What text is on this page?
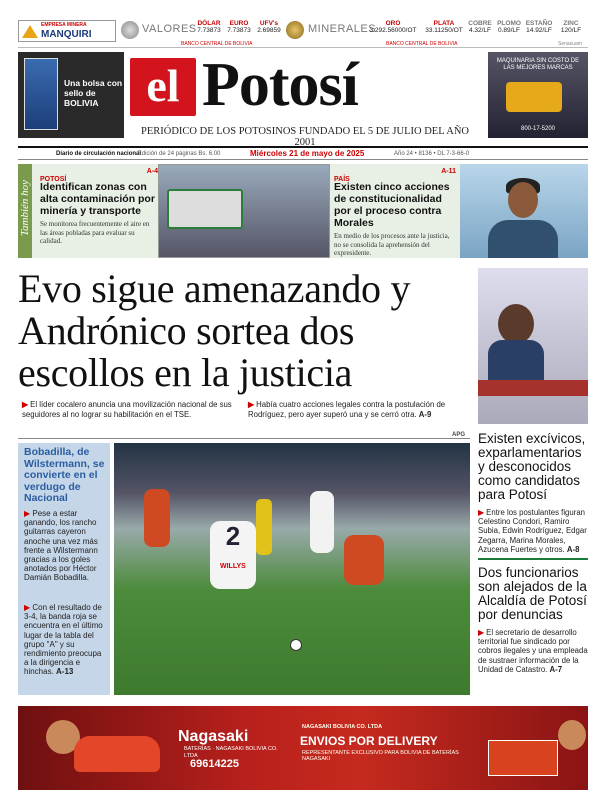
EMPRESA MINERA
MANQUIRI	VALORES DÓLAR
7.73873
EURO
7.73873
UFV's
2.69859
BANCO CENTRAL DE BOLIVIA
MINERALES	ORO
3.292.56000/OT
PLATA
33.11250/OT
COBRE
4.32/LF
PLOMO
0.89/LF
ESTAÑO
14.92/LF
ZINC
120/LF
BANCO CENTRAL DE BOLIVIA	Senasuam
Una bolsa con sello de BOLIVIA	el Potosí
PERIÓDICO DE LOS POTOSINOS FUNDADO EL 5 DE JULIO DEL AÑO 2001
MAQUINARIA SIN COSTO DE LAS MEJORES MARCAS
800-17-5200
Diario de circulación nacional
· Edición de 24 páginas Bs. 6.00	Miércoles 21 de mayo de 2025	Año 24 • 8136 • DL 7-3-66-0
También hoy
POTOSÍ
A-4
Identifican zonas con alta contaminación por minería y transporte
Se monitorea frecuentemente el aire en las áreas pobladas para evaluar su calidad.
PAÍS
A-11
Existen cinco acciones de constitucionalidad por el proceso contra Morales
En medio de los procesos ante la justicia, no se consolida la aprehensión del expresidente.
Evo sigue amenazando y Andrónico sortea dos escollos en la justicia
▶ El líder cocalero anuncia una movilización nacional de sus seguidores al no lograr su habilitación en el TSE.
▶ Había cuatro acciones legales contra la postulación de Rodríguez, pero ayer superó una y se cerró otra. A-9
APG
Bobadilla, de Wilstermann, se convierte en el verdugo de Nacional
▶ Pese a estar ganando, los rancho guitarras cayeron anoche una vez más frente a Wilstermann gracias a los goles anotados por Héctor Damián Bobadilla.
▶ Con el resultado de 3-4, la banda roja se encuentra en el último lugar de la tabla del grupo "A" y su rendimiento preocupa a la dirigencia e hinchas. A-13
2
WILLYS
Existen excívicos, exparlamentarios y desconocidos como candidatos para Potosí
▶ Entre los postulantes figuran Celestino Condori, Ramiro Subia, Edwin Rodríguez, Edgar Zegarra, Marina Morales, Azucena Fuertes y otros. A-8
Dos funcionarios son alejados de la Alcaldía de Potosí por denuncias
▶ El secretario de desarrollo territorial fue sindicado por cobros ilegales y una empleada de sustraer información de la Unidad de Catastro. A-7
Nagasaki
BATERÍAS · NAGASAKI BOLIVIA CO. LTDA
69614225
NAGASAKI BOLIVIA CO. LTDA
ENVIOS POR DELIVERY
REPRESENTANTE EXCLUSIVO PARA BOLIVIA DE BATERÍAS NAGASAKI
